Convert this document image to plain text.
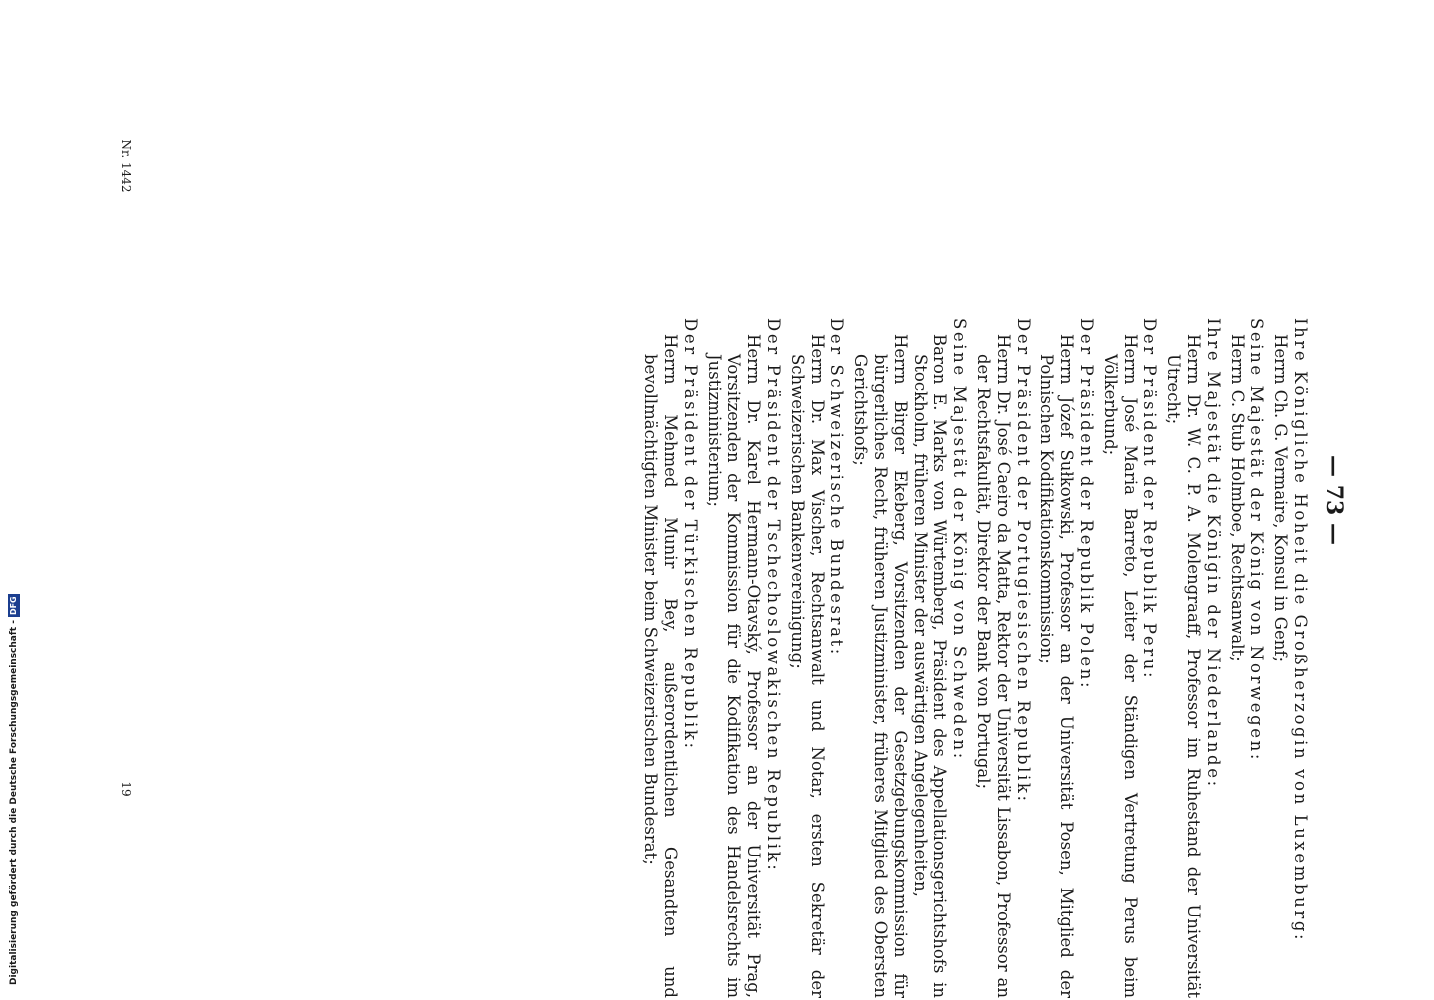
— 73 —
Nr. 1442
19
Digitalisierung gefördert durch die Deutsche Forschungsgemeinschaft -
DFG	Ihre Königliche Hoheit die Großherzogin von Luxemburg:
Herrn Ch. G. Vermaire, Konsul in Genf;
Seine Majestät der König von Norwegen:
Herrn C. Stub Holmboe, Rechtsanwalt;
Ihre Majestät die Königin der Niederlande:
Herrn Dr. W. C. P. A. Molengraaff, Professor im Ruhestand der Universität Utrecht;
Der Präsident der Republik Peru:
Herrn José Maria Barreto, Leiter der Ständigen Vertretung Perus beim Völkerbund;
Der Präsident der Republik Polen:
Herrn Józef Sułkowski, Professor an der Universität Posen, Mitglied der Polnischen Kodifikationskommission;
Der Präsident der Portugiesischen Republik:
Herrn Dr. José Caeiro da Matta, Rektor der Universität Lissabon, Professor an der Rechtsfakultät, Direktor der Bank von Portugal;
Seine Majestät der König von Schweden:
Baron E. Marks von Würtemberg, Präsident des Appellationsgerichtshofs in Stockholm, früheren Minister der auswärtigen Angelegenheiten,
Herrn Birger Ekeberg, Vorsitzenden der Gesetzgebungskommission für bürgerliches Recht, früheren Justizminister, früheres Mitglied des Obersten Gerichtshofs;
Der Schweizerische Bundesrat:
Herrn Dr. Max Vischer, Rechtsanwalt und Notar, ersten Sekretär der Schweizerischen Bankenvereinigung;
Der Präsident der Tschechoslowakischen Republik:
Herrn Dr. Karel Hermann-Otavský, Professor an der Universität Prag, Vorsitzenden der Kommission für die Kodifikation des Handelsrechts im Justizministerium;
Der Präsident der Türkischen Republik:
Herrn Mehmed Munir Bey, außerordentlichen Gesandten und bevollmächtigten Minister beim Schweizerischen Bundesrat;
